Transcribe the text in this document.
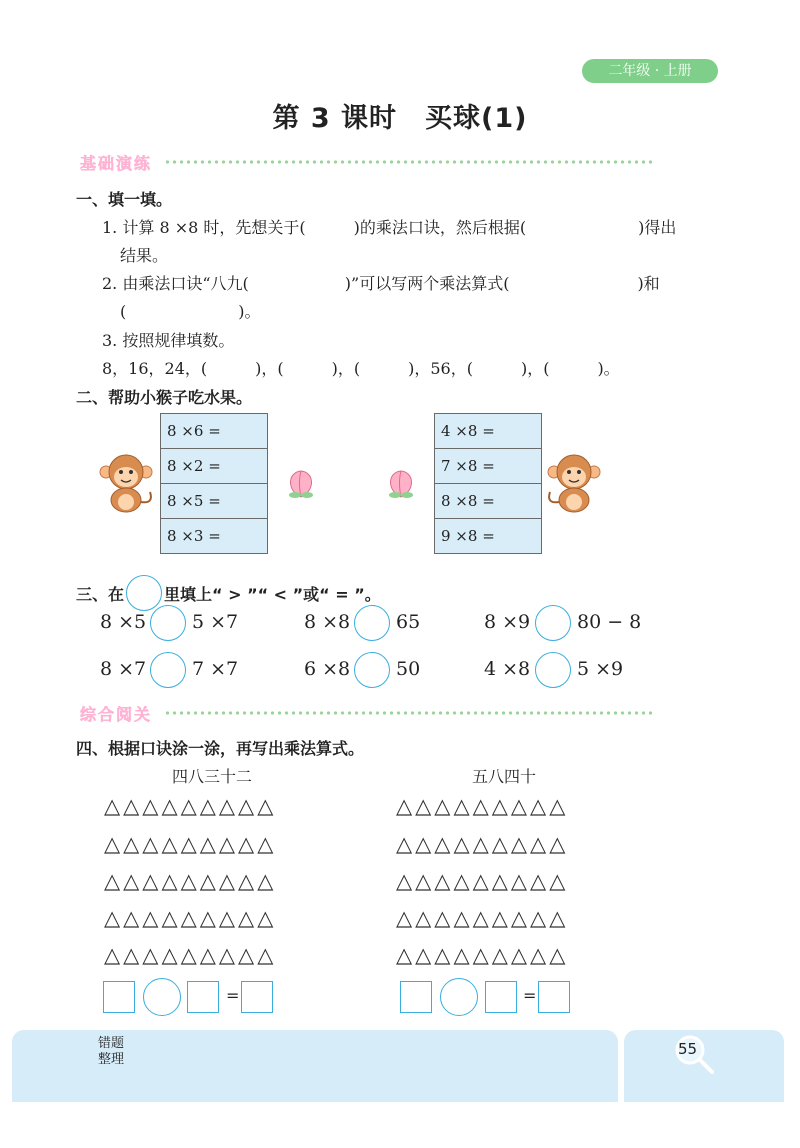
二年级 · 上册
第 3 课时　买球(1)
基础演练
一、填一填。
1. 计算 8 ×8 时，先想关于(　　　)的乘法口诀，然后根据(　　　　　　　)得出
结果。
2. 由乘法口诀“八九(　　　　　　)”可以写两个乘法算式(　　　　　　　　)和
(　　　　　　　)。
3. 按照规律填数。
8，16，24，(　　　)，(　　　)，(　　　)，56，(　　　)，(　　　)。
二、帮助小猴子吃水果。
8 ×6 =
8 ×2 =
8 ×5 =
8 ×3 =
4 ×8 =
7 ×8 =
8 ×8 =
9 ×8 =
三、在	里填上“ > ”“ < ”或“ = ”。
8 ×5 5 ×7	8 ×8 65	8 ×9 80 − 8
8 ×7 7 ×7	6 ×8 50	4 ×8 5 ×9
综合阅关
四、根据口诀涂一涂，再写出乘法算式。
四八三十二	五八四十
△△△△△△△△△
△△△△△△△△△
△△△△△△△△△
△△△△△△△△△
△△△△△△△△△
△△△△△△△△△
△△△△△△△△△
△△△△△△△△△
△△△△△△△△△
△△△△△△△△△
=	=
错题
整理
55
